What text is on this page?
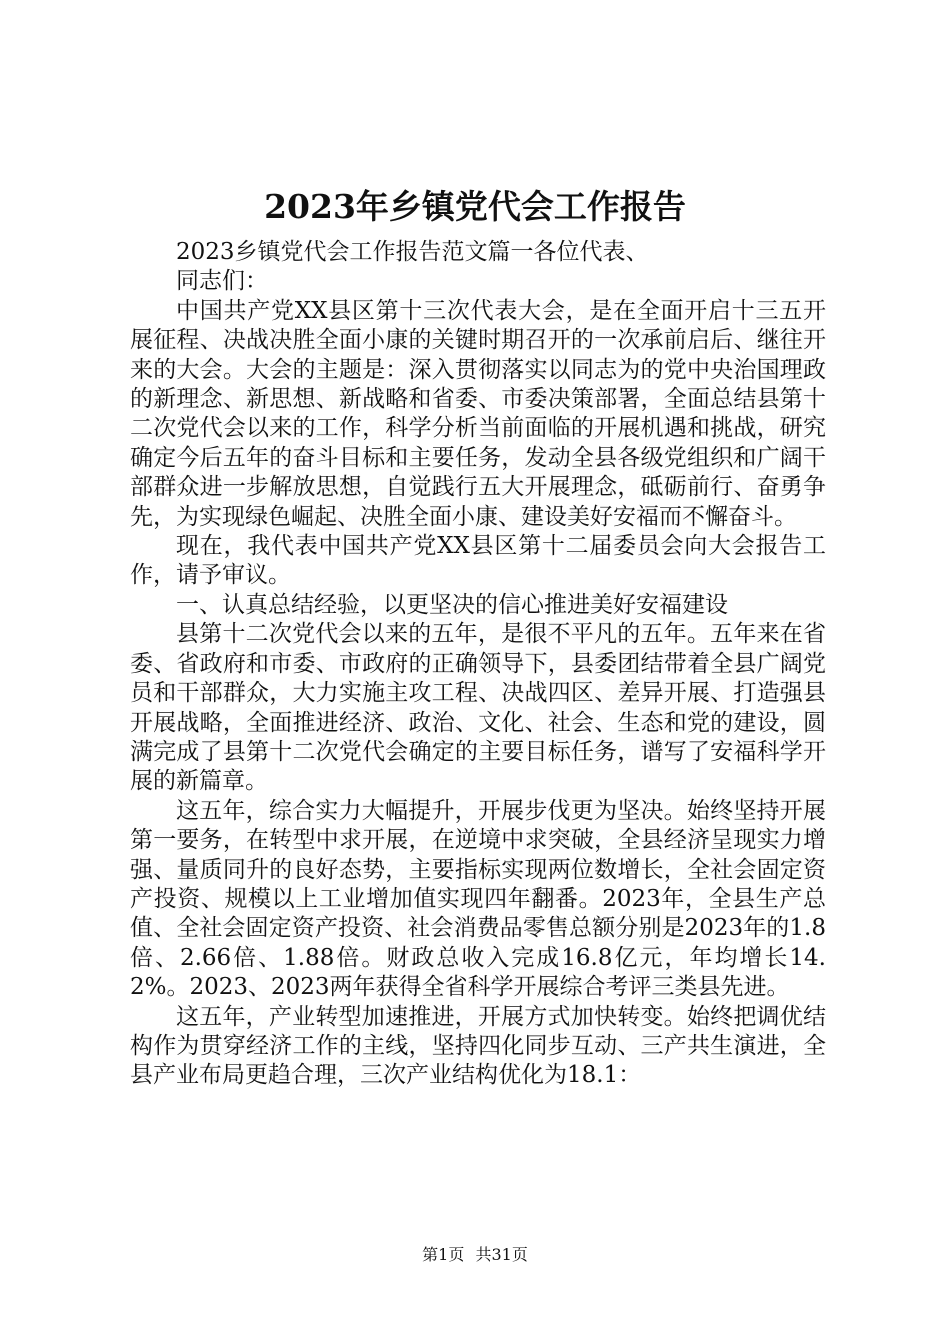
2023年乡镇党代会工作报告

2023乡镇党代会工作报告范文篇一各位代表、

同志们：

中国共产党XX县区第十三次代表大会，是在全面开启十三五开展征程、决战决胜全面小康的关键时期召开的一次承前启后、继往开来的大会。大会的主题是：深入贯彻落实以同志为的党中央治国理政的新理念、新思想、新战略和省委、市委决策部署，全面总结县第十二次党代会以来的工作，科学分析当前面临的开展机遇和挑战，研究确定今后五年的奋斗目标和主要任务，发动全县各级党组织和广阔干部群众进一步解放思想，自觉践行五大开展理念，砥砺前行、奋勇争先，为实现绿色崛起、决胜全面小康、建设美好安福而不懈奋斗。

现在，我代表中国共产党XX县区第十二届委员会向大会报告工作，请予审议。

一、认真总结经验，以更坚决的信心推进美好安福建设

县第十二次党代会以来的五年，是很不平凡的五年。五年来在省委、省政府和市委、市政府的正确领导下，县委团结带着全县广阔党员和干部群众，大力实施主攻工程、决战四区、差异开展、打造强县开展战略，全面推进经济、政治、文化、社会、生态和党的建设，圆满完成了县第十二次党代会确定的主要目标任务，谱写了安福科学开展的新篇章。

这五年，综合实力大幅提升，开展步伐更为坚决。始终坚持开展第一要务，在转型中求开展，在逆境中求突破，全县经济呈现实力增强、量质同升的良好态势，主要指标实现两位数增长，全社会固定资产投资、规模以上工业增加值实现四年翻番。2023年，全县生产总值、全社会固定资产投资、社会消费品零售总额分别是2023年的1.8倍、2.66倍、1.88倍。财政总收入完成16.8亿元，年均增长14.2%。2023、2023两年获得全省科学开展综合考评三类县先进。

这五年，产业转型加速推进，开展方式加快转变。始终把调优结构作为贯穿经济工作的主线，坚持四化同步互动、三产共生演进，全县产业布局更趋合理，三次产业结构优化为18.1：

第1页 共31页
